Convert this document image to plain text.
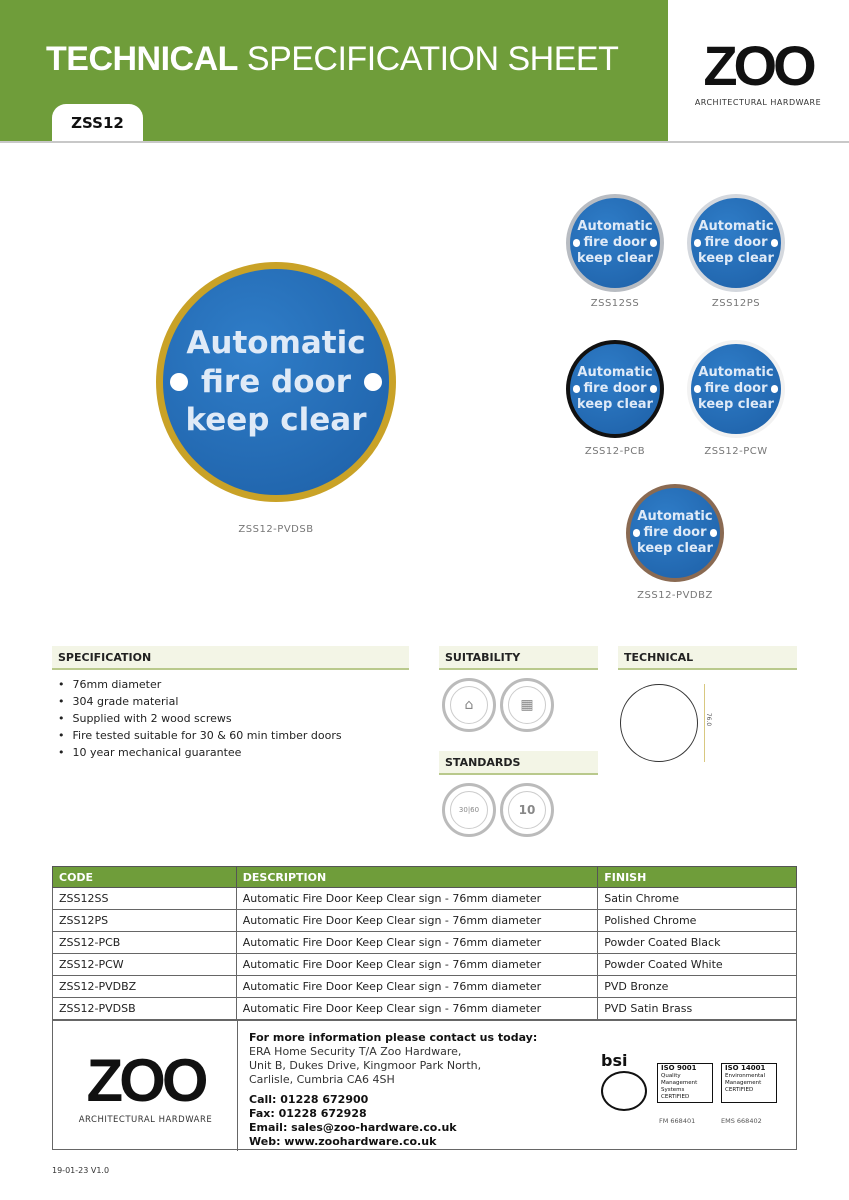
TECHNICAL SPECIFICATION SHEET
ZSS12
ZOO
ARCHITECTURAL HARDWARE
Automatic
fire door
keep clear
ZSS12-PVDSB
Automatic
fire door
keep clear
ZSS12SS
Automatic
fire door
keep clear
ZSS12PS
Automatic
fire door
keep clear
ZSS12-PCB
Automatic
fire door
keep clear
ZSS12-PCW
Automatic
fire door
keep clear
ZSS12-PVDBZ
SPECIFICATION
• 76mm diameter
• 304 grade material
• Supplied with 2 wood screws
• Fire tested suitable for 30 & 60 min timber doors
• 10 year mechanical guarantee
SUITABILITY
⌂	▦
STANDARDS
30|60	10
TECHNICAL
76.0
CODE	DESCRIPTION	FINISH
ZSS12SS	Automatic Fire Door Keep Clear sign - 76mm diameter	Satin Chrome
ZSS12PS	Automatic Fire Door Keep Clear sign - 76mm diameter	Polished Chrome
ZSS12-PCB	Automatic Fire Door Keep Clear sign - 76mm diameter	Powder Coated Black
ZSS12-PCW	Automatic Fire Door Keep Clear sign - 76mm diameter	Powder Coated White
ZSS12-PVDBZ	Automatic Fire Door Keep Clear sign - 76mm diameter	PVD Bronze
ZSS12-PVDSB	Automatic Fire Door Keep Clear sign - 76mm diameter	PVD Satin Brass
ZOO
ARCHITECTURAL HARDWARE
For more information please contact us today:
ERA Home Security T/A Zoo Hardware,
Unit B, Dukes Drive, Kingmoor Park North,
Carlisle, Cumbria CA6 4SH
Call: 01228 672900
Fax: 01228 672928
Email: sales@zoo-hardware.co.uk
Web: www.zoohardware.co.uk
bsi	ISO 9001
Quality Management Systems
CERTIFIED
ISO 14001
Environmental Management
CERTIFIED
FM 668401	EMS 668402
19-01-23 V1.0
